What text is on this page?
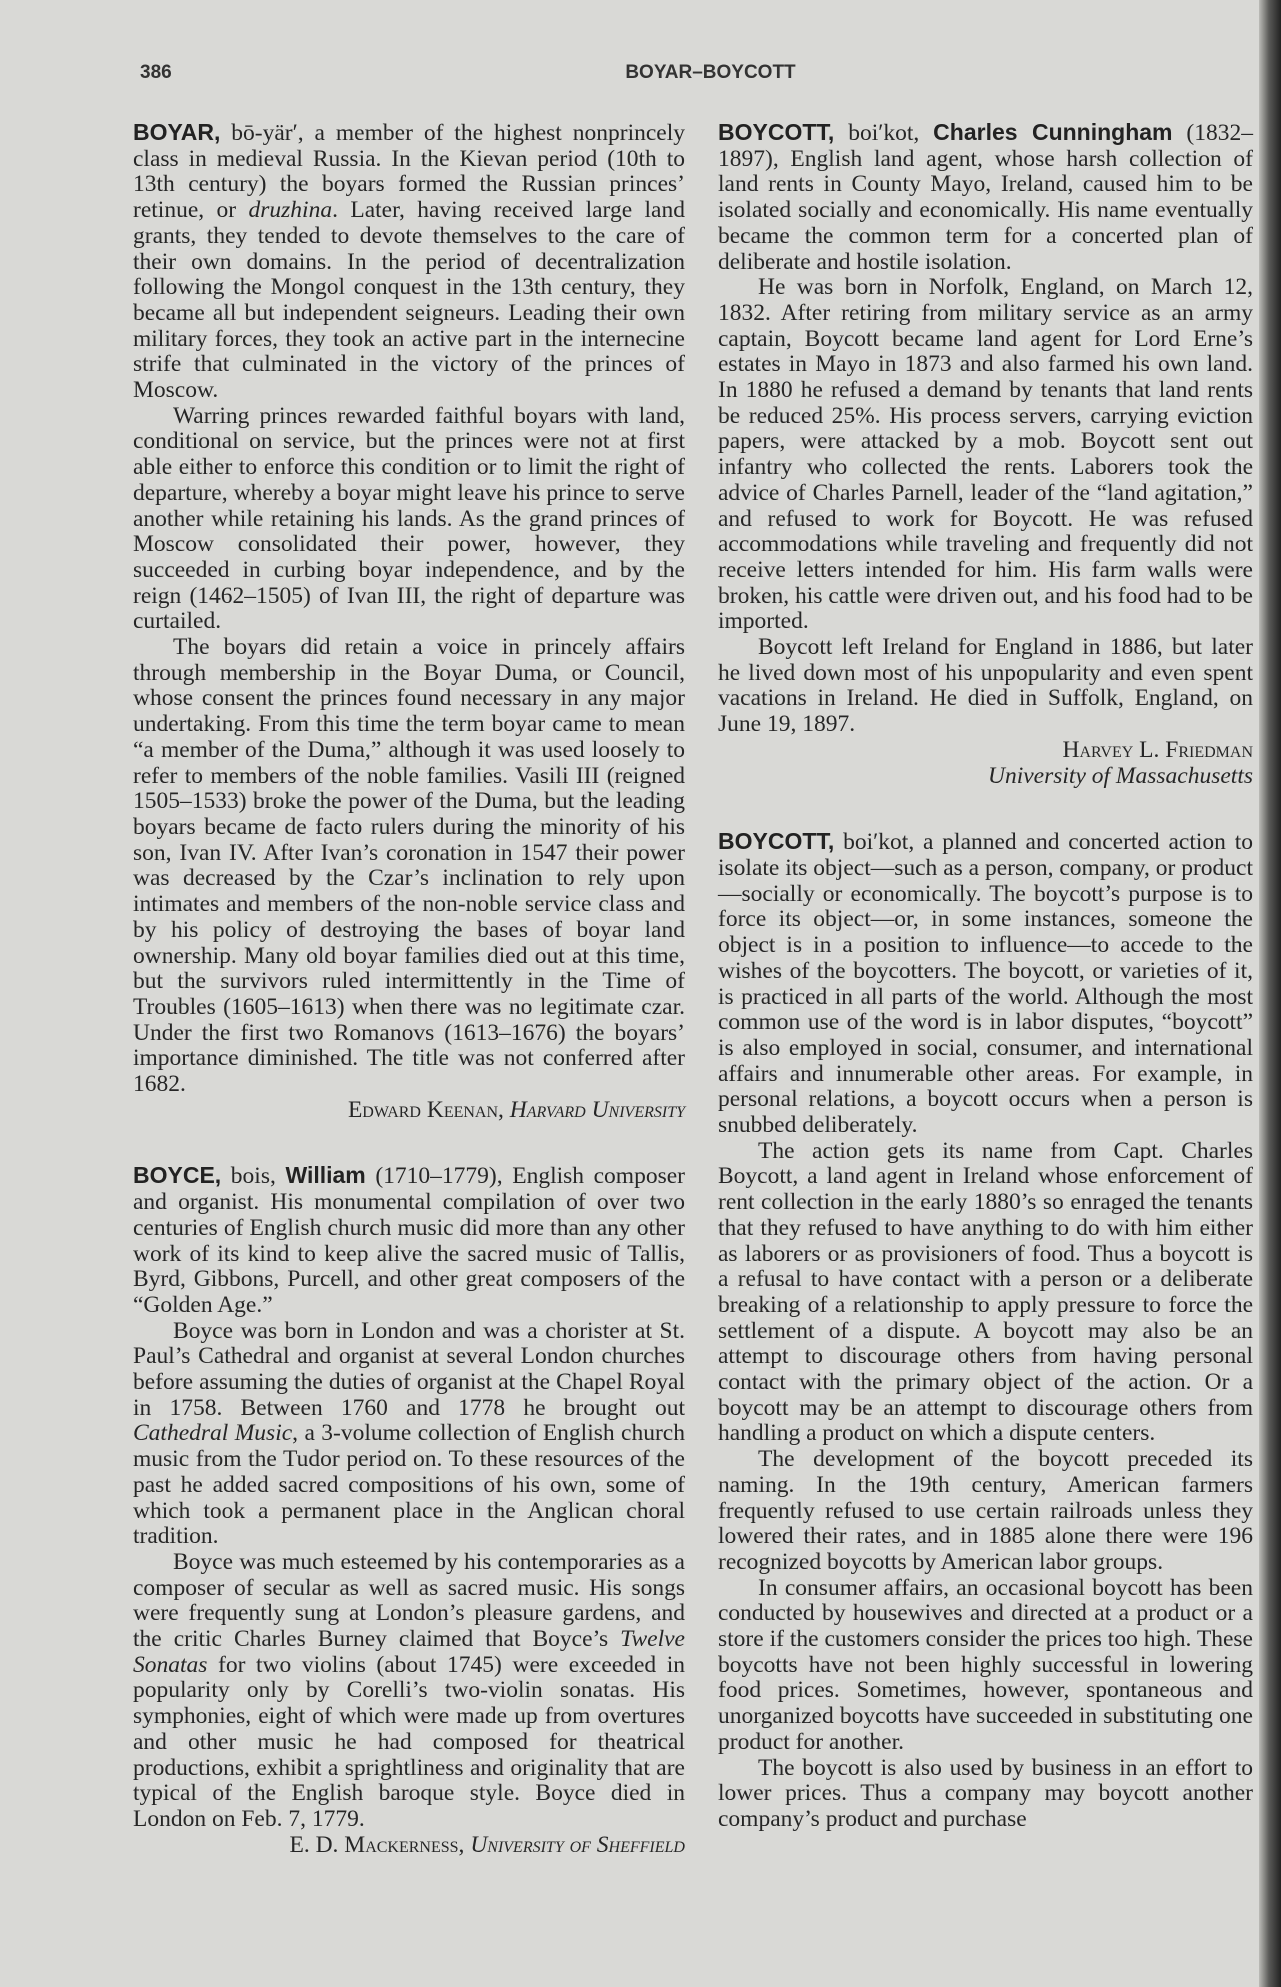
386	BOYAR–BOYCOTT

BOYAR, bō-yär′, a member of the highest nonprincely class in medieval Russia. In the Kievan period (10th to 13th century) the boyars formed the Russian princes’ retinue, or druzhina. Later, having received large land grants, they tended to devote themselves to the care of their own domains. In the period of decentralization following the Mongol conquest in the 13th century, they became all but independent seigneurs. Leading their own military forces, they took an active part in the internecine strife that culminated in the victory of the princes of Moscow.

Warring princes rewarded faithful boyars with land, conditional on service, but the princes were not at first able either to enforce this condition or to limit the right of departure, whereby a boyar might leave his prince to serve another while retaining his lands. As the grand princes of Moscow consolidated their power, however, they succeeded in curbing boyar independence, and by the reign (1462–1505) of Ivan III, the right of departure was curtailed.

The boyars did retain a voice in princely affairs through membership in the Boyar Duma, or Council, whose consent the princes found necessary in any major undertaking. From this time the term boyar came to mean “a member of the Duma,” although it was used loosely to refer to members of the noble families. Vasili III (reigned 1505–1533) broke the power of the Duma, but the leading boyars became de facto rulers during the minority of his son, Ivan IV. After Ivan’s coronation in 1547 their power was decreased by the Czar’s inclination to rely upon intimates and members of the non-noble service class and by his policy of destroying the bases of boyar land ownership. Many old boyar families died out at this time, but the survivors ruled intermittently in the Time of Troubles (1605–1613) when there was no legitimate czar. Under the first two Romanovs (1613–1676) the boyars’ importance diminished. The title was not conferred after 1682.

Edward Keenan, Harvard University

BOYCE, bois, William (1710–1779), English composer and organist. His monumental compilation of over two centuries of English church music did more than any other work of its kind to keep alive the sacred music of Tallis, Byrd, Gibbons, Purcell, and other great composers of the “Golden Age.”

Boyce was born in London and was a chorister at St. Paul’s Cathedral and organist at several London churches before assuming the duties of organist at the Chapel Royal in 1758. Between 1760 and 1778 he brought out Cathedral Music, a 3-volume collection of English church music from the Tudor period on. To these resources of the past he added sacred compositions of his own, some of which took a permanent place in the Anglican choral tradition.

Boyce was much esteemed by his contemporaries as a composer of secular as well as sacred music. His songs were frequently sung at London’s pleasure gardens, and the critic Charles Burney claimed that Boyce’s Twelve Sonatas for two violins (about 1745) were exceeded in popularity only by Corelli’s two-violin sonatas. His symphonies, eight of which were made up from overtures and other music he had composed for theatrical productions, exhibit a sprightliness and originality that are typical of the English baroque style. Boyce died in London on Feb. 7, 1779.

E. D. Mackerness, University of Sheffield

BOYCOTT, boi′kot, Charles Cunningham (1832–1897), English land agent, whose harsh collection of land rents in County Mayo, Ireland, caused him to be isolated socially and economically. His name eventually became the common term for a concerted plan of deliberate and hostile isolation.

He was born in Norfolk, England, on March 12, 1832. After retiring from military service as an army captain, Boycott became land agent for Lord Erne’s estates in Mayo in 1873 and also farmed his own land. In 1880 he refused a demand by tenants that land rents be reduced 25%. His process servers, carrying eviction papers, were attacked by a mob. Boycott sent out infantry who collected the rents. Laborers took the advice of Charles Parnell, leader of the “land agitation,” and refused to work for Boycott. He was refused accommodations while traveling and frequently did not receive letters intended for him. His farm walls were broken, his cattle were driven out, and his food had to be imported.

Boycott left Ireland for England in 1886, but later he lived down most of his unpopularity and even spent vacations in Ireland. He died in Suffolk, England, on June 19, 1897.

Harvey L. Friedman

University of Massachusetts

BOYCOTT, boi′kot, a planned and concerted action to isolate its object—such as a person, company, or product—socially or economically. The boycott’s purpose is to force its object—or, in some instances, someone the object is in a position to influence—to accede to the wishes of the boycotters. The boycott, or varieties of it, is practiced in all parts of the world. Although the most common use of the word is in labor disputes, “boycott” is also employed in social, consumer, and international affairs and innumerable other areas. For example, in personal relations, a boycott occurs when a person is snubbed deliberately.

The action gets its name from Capt. Charles Boycott, a land agent in Ireland whose enforcement of rent collection in the early 1880’s so enraged the tenants that they refused to have anything to do with him either as laborers or as provisioners of food. Thus a boycott is a refusal to have contact with a person or a deliberate breaking of a relationship to apply pressure to force the settlement of a dispute. A boycott may also be an attempt to discourage others from having personal contact with the primary object of the action. Or a boycott may be an attempt to discourage others from handling a product on which a dispute centers.

The development of the boycott preceded its naming. In the 19th century, American farmers frequently refused to use certain railroads unless they lowered their rates, and in 1885 alone there were 196 recognized boycotts by American labor groups.

In consumer affairs, an occasional boycott has been conducted by housewives and directed at a product or a store if the customers consider the prices too high. These boycotts have not been highly successful in lowering food prices. Sometimes, however, spontaneous and unorganized boycotts have succeeded in substituting one product for another.

The boycott is also used by business in an effort to lower prices. Thus a company may boycott another company’s product and purchase
